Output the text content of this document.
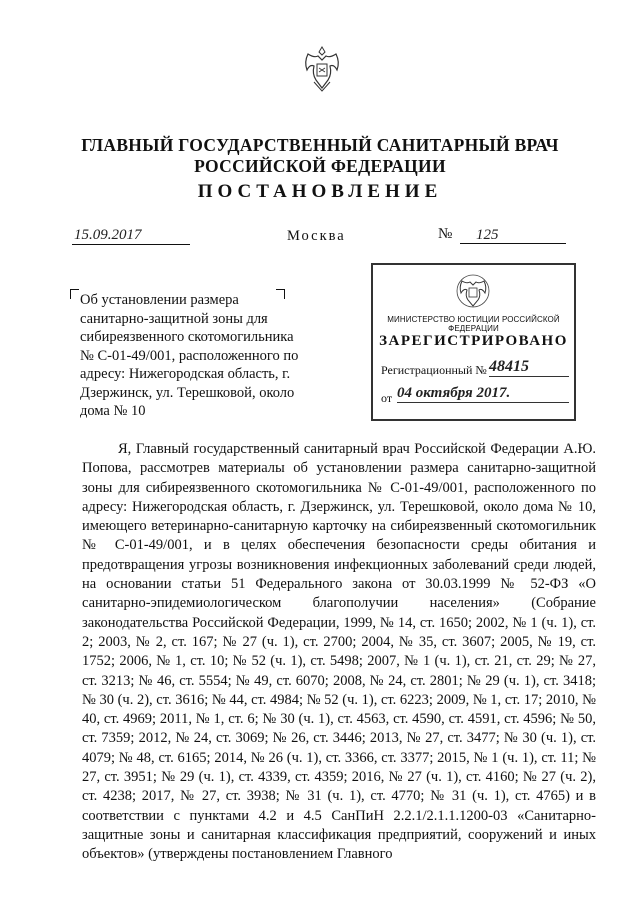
ГЛАВНЫЙ ГОСУДАРСТВЕННЫЙ САНИТАРНЫЙ ВРАЧ
РОССИЙСКОЙ ФЕДЕРАЦИИ
ПОСТАНОВЛЕНИЕ
15.09.2017	Москва	№	125
Об установлении размера санитарно-защитной зоны для сибиреязвенного скотомогильника № С-01-49/001, расположенного по адресу: Нижегородская область, г. Дзержинск, ул. Терешковой, около дома № 10
МИНИСТЕРСТВО ЮСТИЦИИ РОССИЙСКОЙ ФЕДЕРАЦИИ
ЗАРЕГИСТРИРОВАНО
Регистрационный № 48415
от 04 октября 2017.
Я, Главный государственный санитарный врач Российской Федерации А.Ю. Попова, рассмотрев материалы об установлении размера санитарно-защитной зоны для сибиреязвенного скотомогильника № С-01-49/001, расположенного по адресу: Нижегородская область, г. Дзержинск, ул. Терешковой, около дома № 10, имеющего ветеринарно-санитарную карточку на сибиреязвенный скотомогильник № С-01-49/001, и в целях обеспечения безопасности среды обитания и предотвращения угрозы возникновения инфекционных заболеваний среди людей, на основании статьи 51 Федерального закона от 30.03.1999 № 52-ФЗ «О санитарно-эпидемиологическом благополучии населения» (Собрание законодательства Российской Федерации, 1999, № 14, ст. 1650; 2002, № 1 (ч. 1), ст. 2; 2003, № 2, ст. 167; № 27 (ч. 1), ст. 2700; 2004, № 35, ст. 3607; 2005, № 19, ст. 1752; 2006, № 1, ст. 10; № 52 (ч. 1), ст. 5498; 2007, № 1 (ч. 1), ст. 21, ст. 29; № 27, ст. 3213; № 46, ст. 5554; № 49, ст. 6070; 2008, № 24, ст. 2801; № 29 (ч. 1), ст. 3418; № 30 (ч. 2), ст. 3616; № 44, ст. 4984; № 52 (ч. 1), ст. 6223; 2009, № 1, ст. 17; 2010, № 40, ст. 4969; 2011, № 1, ст. 6; № 30 (ч. 1), ст. 4563, ст. 4590, ст. 4591, ст. 4596; № 50, ст. 7359; 2012, № 24, ст. 3069; № 26, ст. 3446; 2013, № 27, ст. 3477; № 30 (ч. 1), ст. 4079; № 48, ст. 6165; 2014, № 26 (ч. 1), ст. 3366, ст. 3377; 2015, № 1 (ч. 1), ст. 11; № 27, ст. 3951; № 29 (ч. 1), ст. 4339, ст. 4359; 2016, № 27 (ч. 1), ст. 4160; № 27 (ч. 2), ст. 4238; 2017, № 27, ст. 3938; № 31 (ч. 1), ст. 4770; № 31 (ч. 1), ст. 4765) и в соответствии с пунктами 4.2 и 4.5 СанПиН 2.2.1/2.1.1.1200-03 «Санитарно-защитные зоны и санитарная классификация предприятий, сооружений и иных объектов» (утверждены постановлением Главного
